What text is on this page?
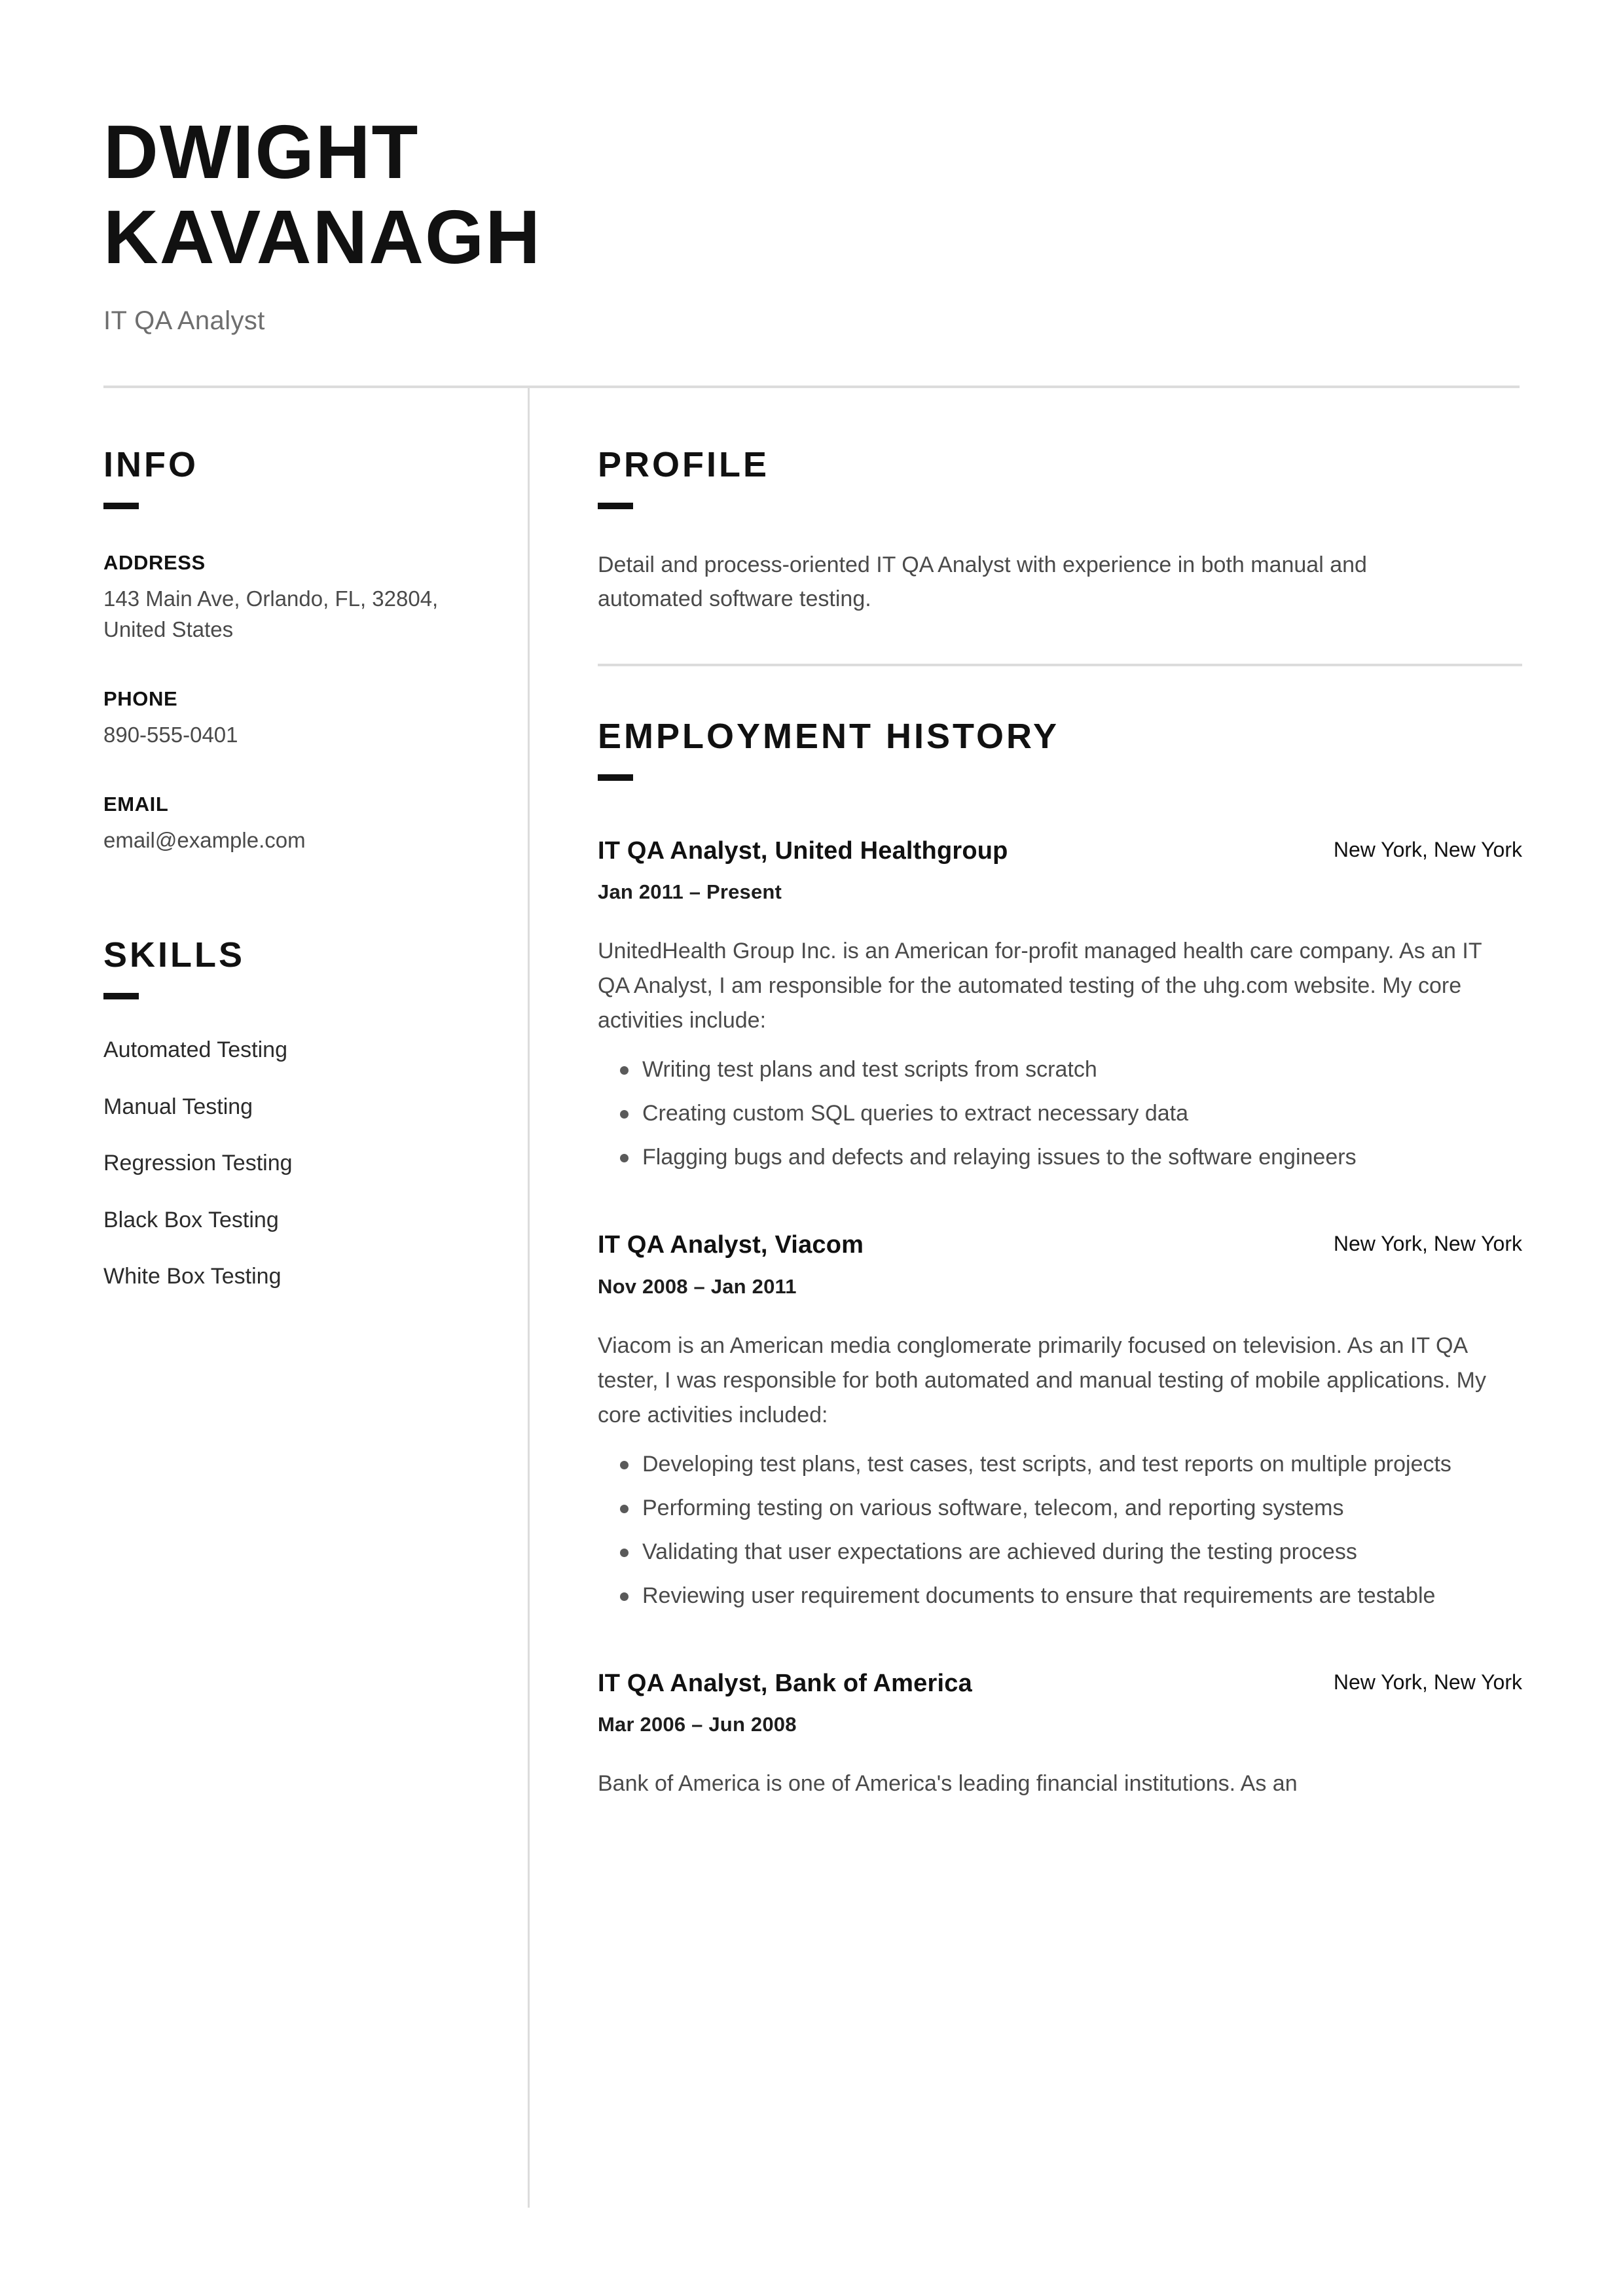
DWIGHT
KAVANAGH
IT QA Analyst
INFO
ADDRESS
143 Main Ave, Orlando, FL, 32804, United States
PHONE
890-555-0401
EMAIL
email@example.com
SKILLS
Automated Testing
Manual Testing
Regression Testing
Black Box Testing
White Box Testing
PROFILE
Detail and process-oriented IT QA Analyst with experience in both manual and automated software testing.
EMPLOYMENT HISTORY
IT QA Analyst, United Healthgroup	New York, New York
Jan 2011 – Present
UnitedHealth Group Inc. is an American for-profit managed health care company. As an IT QA Analyst, I am responsible for the automated testing of the uhg.com website. My core activities include:
Writing test plans and test scripts from scratch
Creating custom SQL queries to extract necessary data
Flagging bugs and defects and relaying issues to the software engineers
IT QA Analyst, Viacom	New York, New York
Nov 2008 – Jan 2011
Viacom is an American media conglomerate primarily focused on television. As an IT QA tester, I was responsible for both automated and manual testing of mobile applications. My core activities included:
Developing test plans, test cases, test scripts, and test reports on multiple projects
Performing testing on various software, telecom, and reporting systems
Validating that user expectations are achieved during the testing process
Reviewing user requirement documents to ensure that requirements are testable
IT QA Analyst, Bank of America	New York, New York
Mar 2006 – Jun 2008
Bank of America is one of America's leading financial institutions. As an
